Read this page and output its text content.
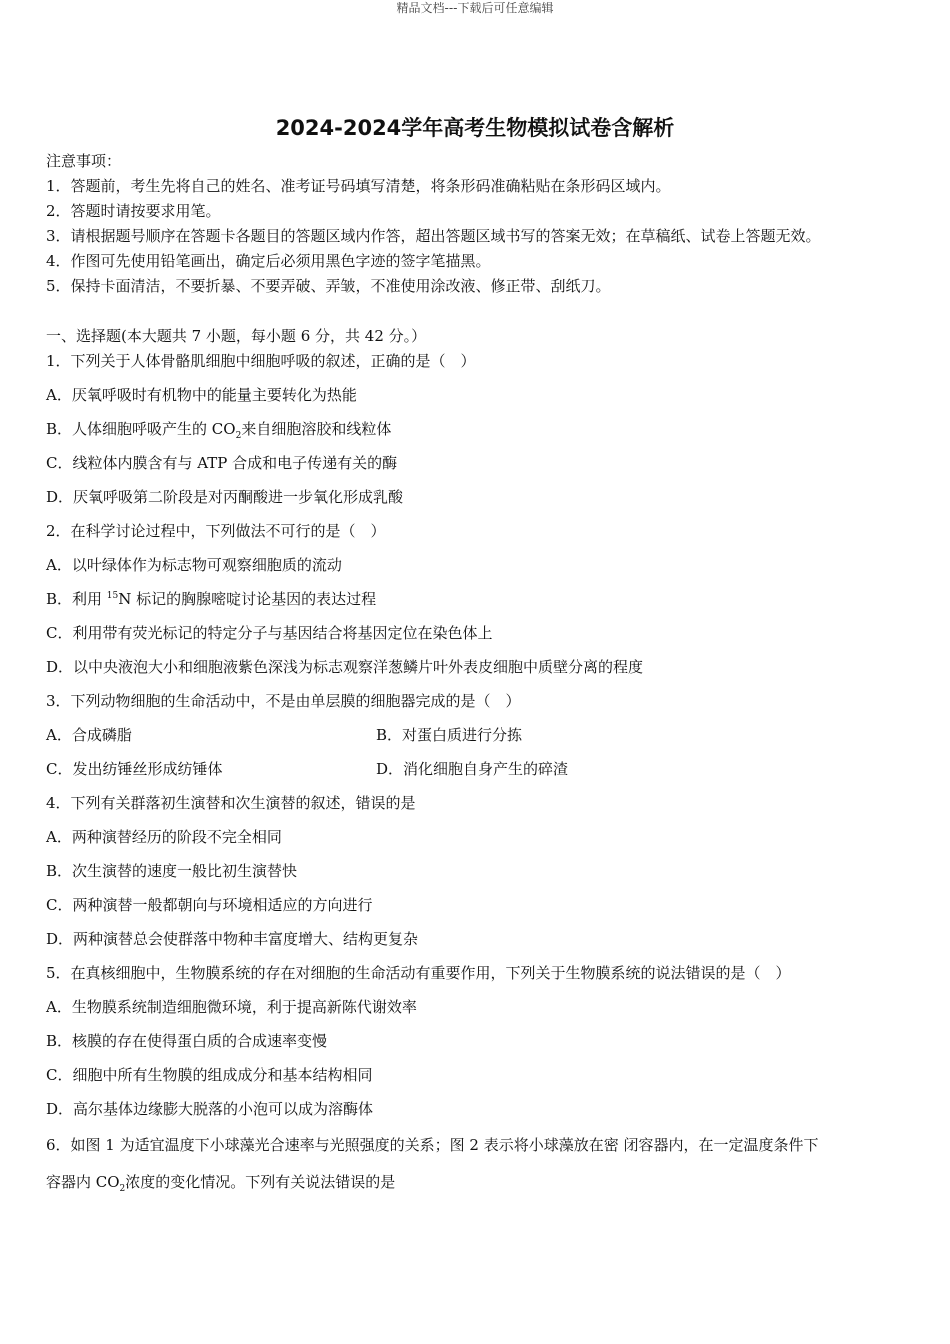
精品文档---下载后可任意编辑
2024-2024学年高考生物模拟试卷含解析
注意事项：
1．答题前，考生先将自己的姓名、准考证号码填写清楚，将条形码准确粘贴在条形码区域内。
2．答题时请按要求用笔。
3．请根据题号顺序在答题卡各题目的答题区域内作答，超出答题区域书写的答案无效；在草稿纸、试卷上答题无效。
4．作图可先使用铅笔画出，确定后必须用黑色字迹的签字笔描黑。
5．保持卡面清洁，不要折暴、不要弄破、弄皱，不准使用涂改液、修正带、刮纸刀。
一、选择题(本大题共 7 小题，每小题 6 分，共 42 分。）
1．下列关于人体骨骼肌细胞中细胞呼吸的叙述，正确的是（　）
A．厌氧呼吸时有机物中的能量主要转化为热能
B．人体细胞呼吸产生的 $CO_2$来自细胞溶胶和线粒体
C．线粒体内膜含有与 ATP 合成和电子传递有关的酶
D．厌氧呼吸第二阶段是对丙酮酸进一步氧化形成乳酸
2．在科学讨论过程中，下列做法不可行的是（　）
A．以叶绿体作为标志物可观察细胞质的流动
B．利用 $^{15}$N 标记的胸腺嘧啶讨论基因的表达过程
C．利用带有荧光标记的特定分子与基因结合将基因定位在染色体上
D．以中央液泡大小和细胞液紫色深浅为标志观察洋葱鳞片叶外表皮细胞中质壁分离的程度
3．下列动物细胞的生命活动中，不是由单层膜的细胞器完成的是（　）
A．合成磷脂	B．对蛋白质进行分拣
C．发出纺锤丝形成纺锤体	D．消化细胞自身产生的碎渣
4．下列有关群落初生演替和次生演替的叙述，错误的是
A．两种演替经历的阶段不完全相同
B．次生演替的速度一般比初生演替快
C．两种演替一般都朝向与环境相适应的方向进行
D．两种演替总会使群落中物种丰富度增大、结构更复杂
5．在真核细胞中，生物膜系统的存在对细胞的生命活动有重要作用，下列关于生物膜系统的说法错误的是（　）
A．生物膜系统制造细胞微环境，利于提高新陈代谢效率
B．核膜的存在使得蛋白质的合成速率变慢
C．细胞中所有生物膜的组成成分和基本结构相同
D．高尔基体边缘膨大脱落的小泡可以成为溶酶体
6．如图 1 为适宜温度下小球藻光合速率与光照强度的关系；图 2 表示将小球藻放在密 闭容器内，在一定温度条件下
容器内 $CO_2$浓度的变化情况。下列有关说法错误的是
